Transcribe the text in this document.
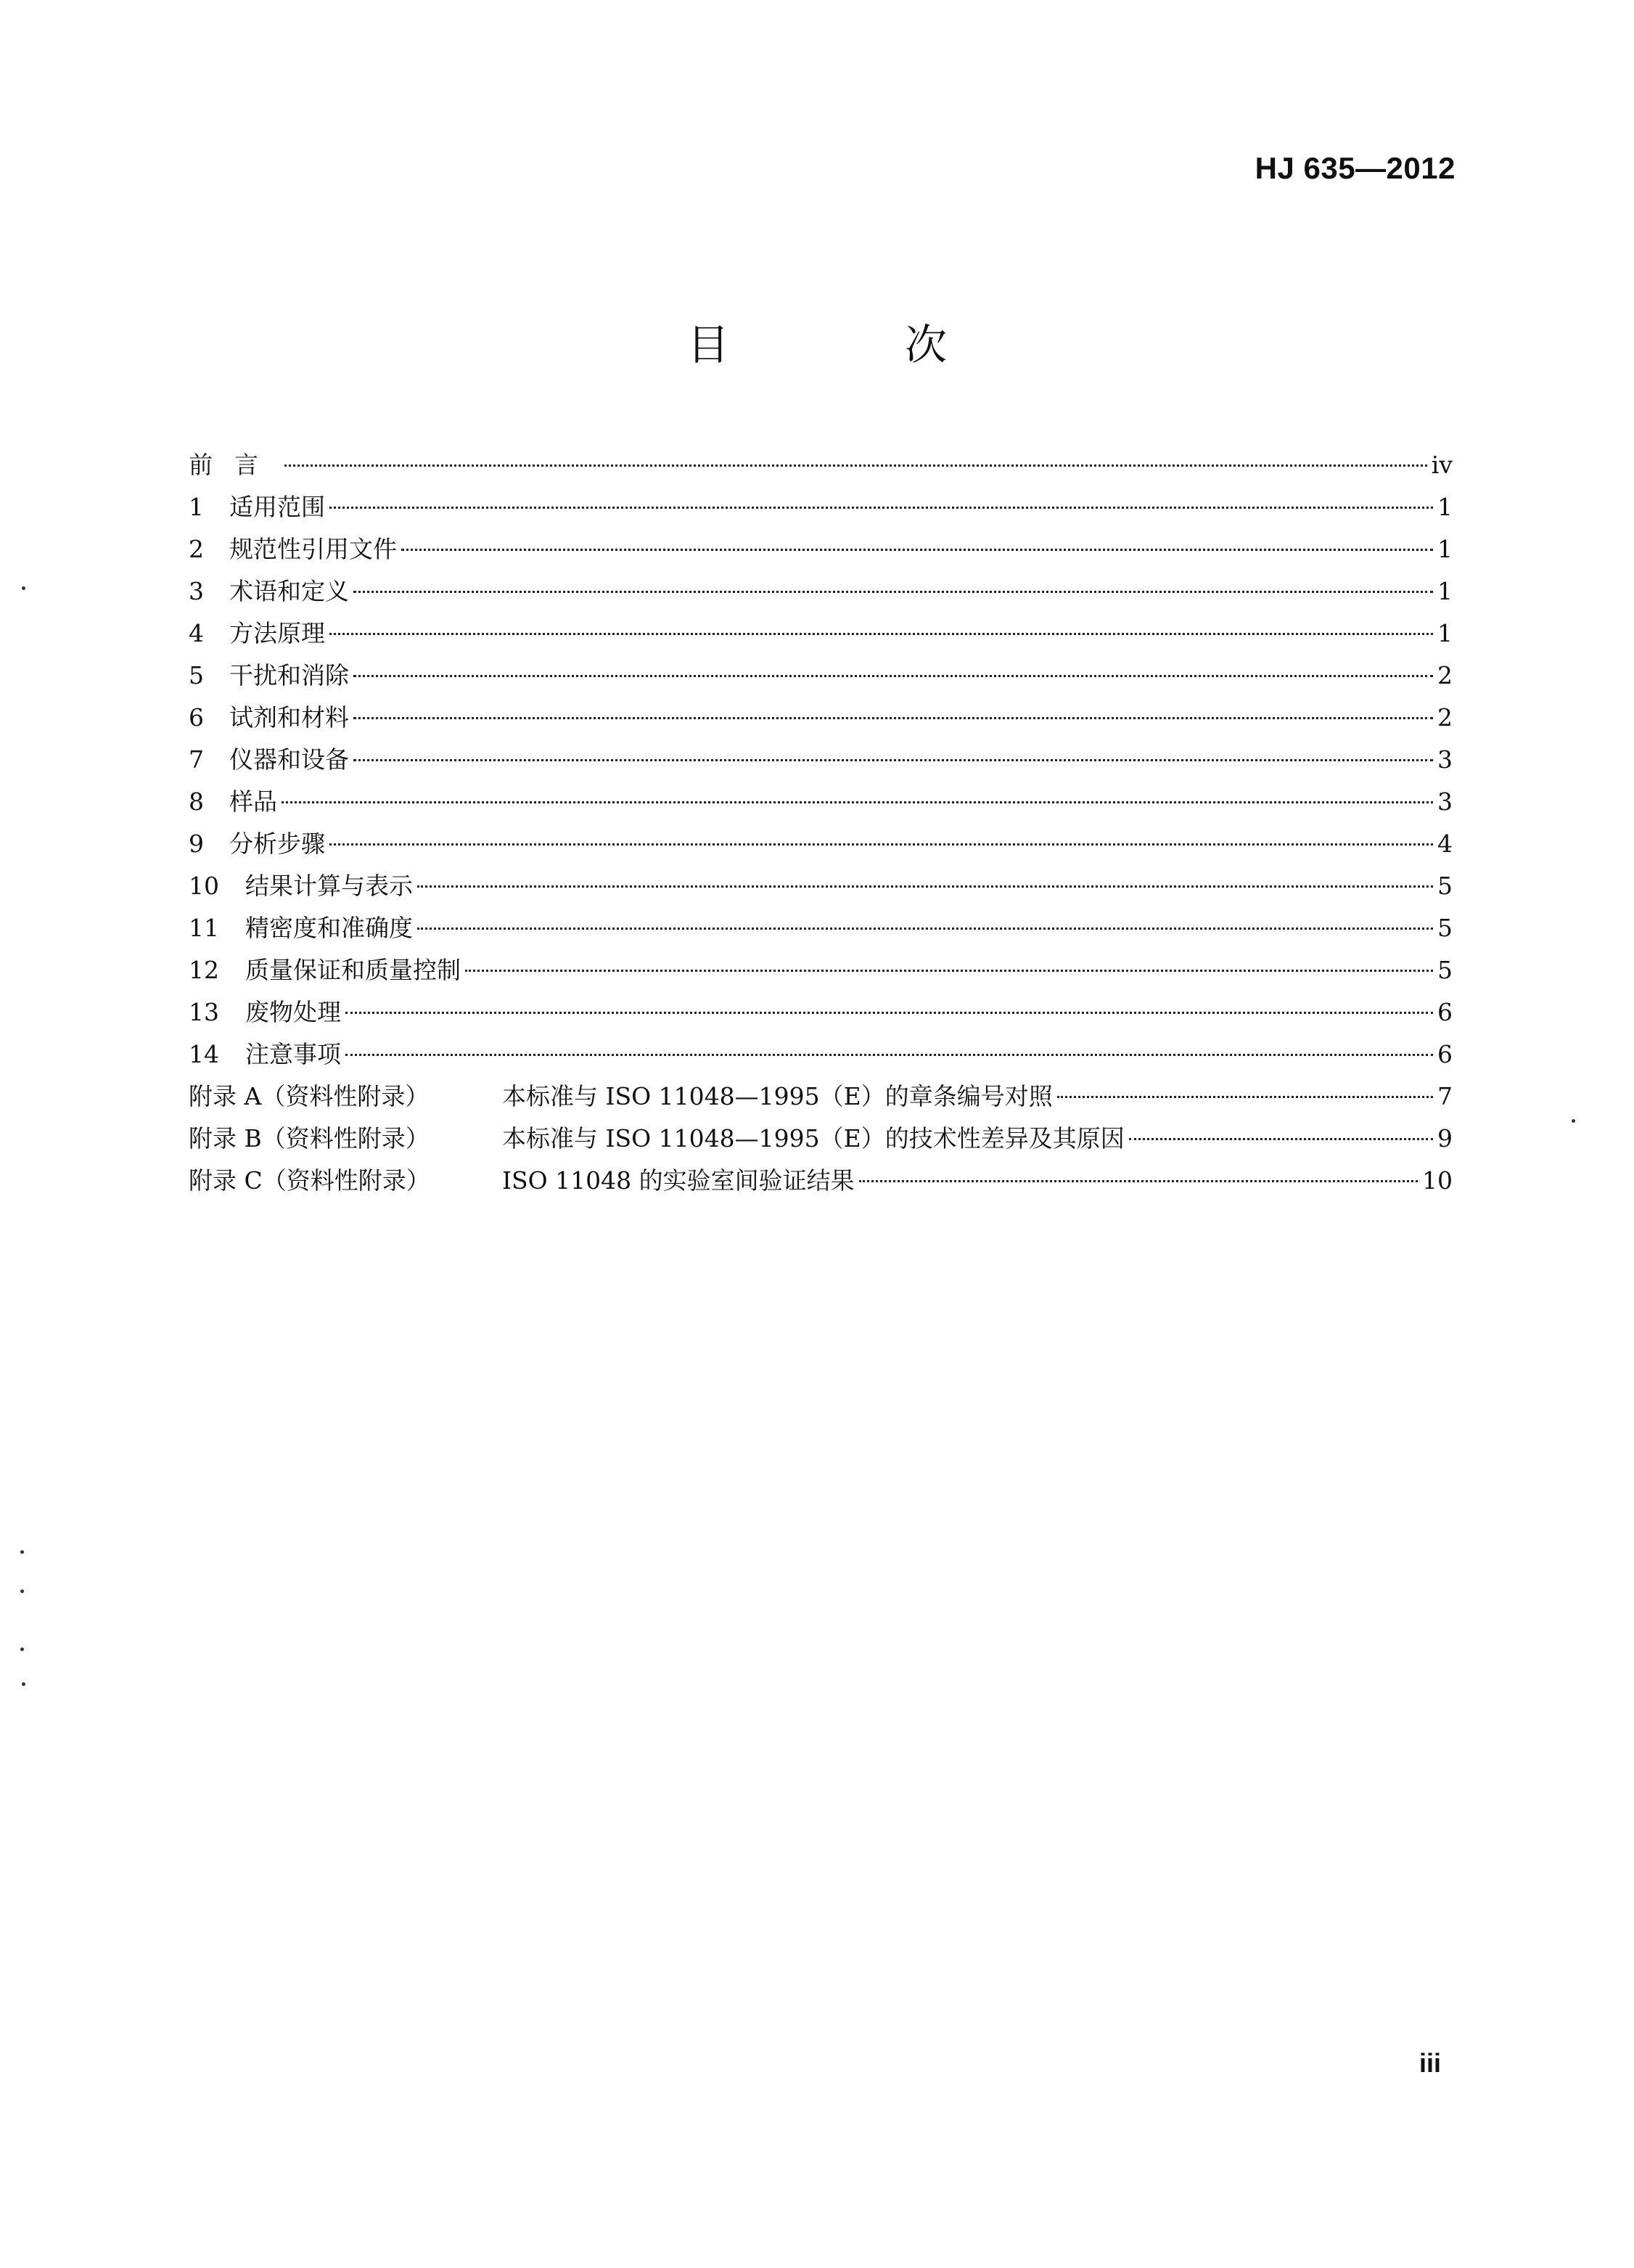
HJ 635—2012
目　次
前言	iv
1	适用范围	1
2	规范性引用文件	1
3	术语和定义	1
4	方法原理	1
5	干扰和消除	2
6	试剂和材料	2
7	仪器和设备	3
8	样品	3
9	分析步骤	4
10	结果计算与表示	5
11	精密度和准确度	5
12	质量保证和质量控制	5
13	废物处理	6
14	注意事项	6
附录 A（资料性附录）	本标准与 ISO 11048—1995（E）的章条编号对照	7
附录 B（资料性附录）	本标准与 ISO 11048—1995（E）的技术性差异及其原因	9
附录 C（资料性附录）	ISO 11048 的实验室间验证结果	10
iii
